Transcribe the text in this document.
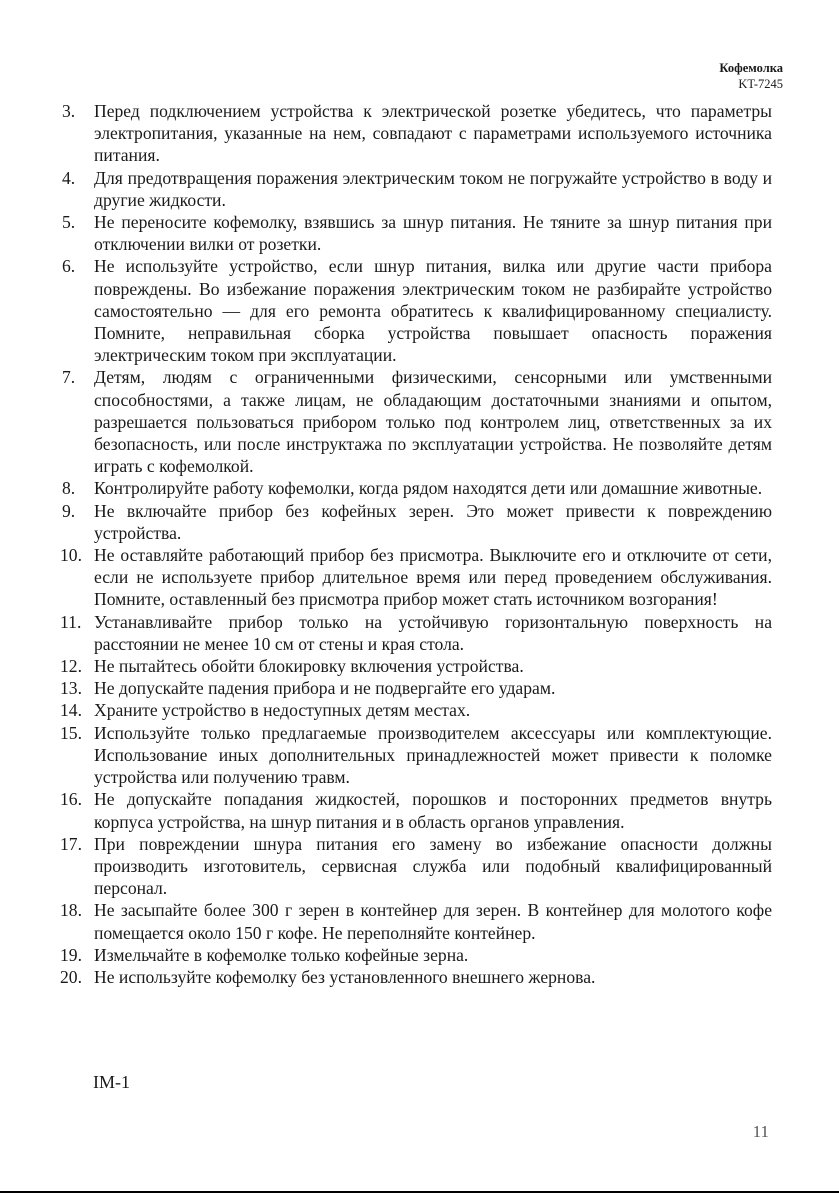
Кофемолка
KT-7245
3. Перед подключением устройства к электрической розетке убедитесь, что параметры электропитания, указанные на нем, совпадают с параметрами используемого источника питания.
4. Для предотвращения поражения электрическим током не погружайте устройство в воду и другие жидкости.
5. Не переносите кофемолку, взявшись за шнур питания. Не тяните за шнур питания при отключении вилки от розетки.
6. Не используйте устройство, если шнур питания, вилка или другие части прибора повреждены. Во избежание поражения электрическим током не разбирайте устройство самостоятельно — для его ремонта обратитесь к квалифицированному специалисту. Помните, неправильная сборка устройства повышает опасность поражения электрическим током при эксплуатации.
7. Детям, людям с ограниченными физическими, сенсорными или умственными способностями, а также лицам, не обладающим достаточными знаниями и опытом, разрешается пользоваться прибором только под контролем лиц, ответственных за их безопасность, или после инструктажа по эксплуатации устройства. Не позволяйте детям играть с кофемолкой.
8. Контролируйте работу кофемолки, когда рядом находятся дети или домашние животные.
9. Не включайте прибор без кофейных зерен. Это может привести к повреждению устройства.
10. Не оставляйте работающий прибор без присмотра. Выключите его и отключите от сети, если не используете прибор длительное время или перед проведением обслуживания. Помните, оставленный без присмотра прибор может стать источником возгорания!
11. Устанавливайте прибор только на устойчивую горизонтальную поверхность на расстоянии не менее 10 см от стены и края стола.
12. Не пытайтесь обойти блокировку включения устройства.
13. Не допускайте падения прибора и не подвергайте его ударам.
14. Храните устройство в недоступных детям местах.
15. Используйте только предлагаемые производителем аксессуары или комплектующие. Использование иных дополнительных принадлежностей может привести к поломке устройства или получению травм.
16. Не допускайте попадания жидкостей, порошков и посторонних предметов внутрь корпуса устройства, на шнур питания и в область органов управления.
17. При повреждении шнура питания его замену во избежание опасности должны производить изготовитель, сервисная служба или подобный квалифицированный персонал.
18. Не засыпайте более 300 г зерен в контейнер для зерен. В контейнер для молотого кофе помещается около 150 г кофе. Не переполняйте контейнер.
19. Измельчайте в кофемолке только кофейные зерна.
20. Не используйте кофемолку без установленного внешнего жернова.
IM-1
11
